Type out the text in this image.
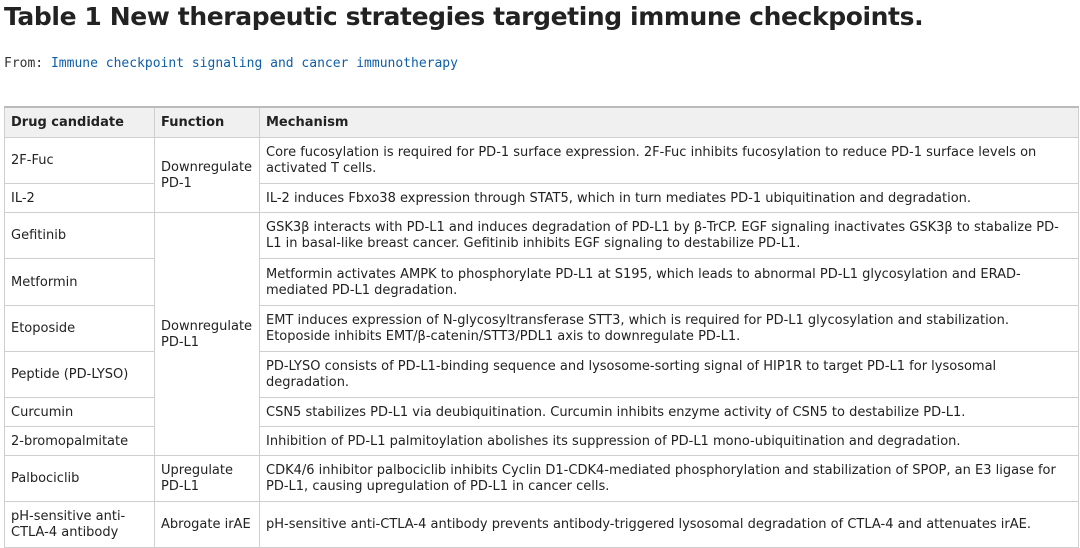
Table 1 New therapeutic strategies targeting immune checkpoints.
From: Immune checkpoint signaling and cancer immunotherapy
Drug candidate	Function	Mechanism
2F-Fuc	Downregulate PD-1	Core fucosylation is required for PD-1 surface expression. 2F-Fuc inhibits fucosylation to reduce PD-1 surface levels on activated T cells.
IL-2		IL-2 induces Fbxo38 expression through STAT5, which in turn mediates PD-1 ubiquitination and degradation.
Gefitinib	Downregulate PD-L1	GSK3β interacts with PD-L1 and induces degradation of PD-L1 by β-TrCP. EGF signaling inactivates GSK3β to stabalize PD-L1 in basal-like breast cancer. Gefitinib inhibits EGF signaling to destabilize PD-L1.
Metformin		Metformin activates AMPK to phosphorylate PD-L1 at S195, which leads to abnormal PD-L1 glycosylation and ERAD-mediated PD-L1 degradation.
Etoposide		EMT induces expression of N-glycosyltransferase STT3, which is required for PD-L1 glycosylation and stabilization. Etoposide inhibits EMT/β-catenin/STT3/PDL1 axis to downregulate PD-L1.
Peptide (PD-LYSO)		PD-LYSO consists of PD-L1-binding sequence and lysosome-sorting signal of HIP1R to target PD-L1 for lysosomal degradation.
Curcumin		CSN5 stabilizes PD-L1 via deubiquitination. Curcumin inhibits enzyme activity of CSN5 to destabilize PD-L1.
2-bromopalmitate		Inhibition of PD-L1 palmitoylation abolishes its suppression of PD-L1 mono-ubiquitination and degradation.
Palbociclib	Upregulate PD-L1	CDK4/6 inhibitor palbociclib inhibits Cyclin D1-CDK4-mediated phosphorylation and stabilization of SPOP, an E3 ligase for PD-L1, causing upregulation of PD-L1 in cancer cells.
pH-sensitive anti-CTLA-4 antibody	Abrogate irAE	pH-sensitive anti-CTLA-4 antibody prevents antibody-triggered lysosomal degradation of CTLA-4 and attenuates irAE.
